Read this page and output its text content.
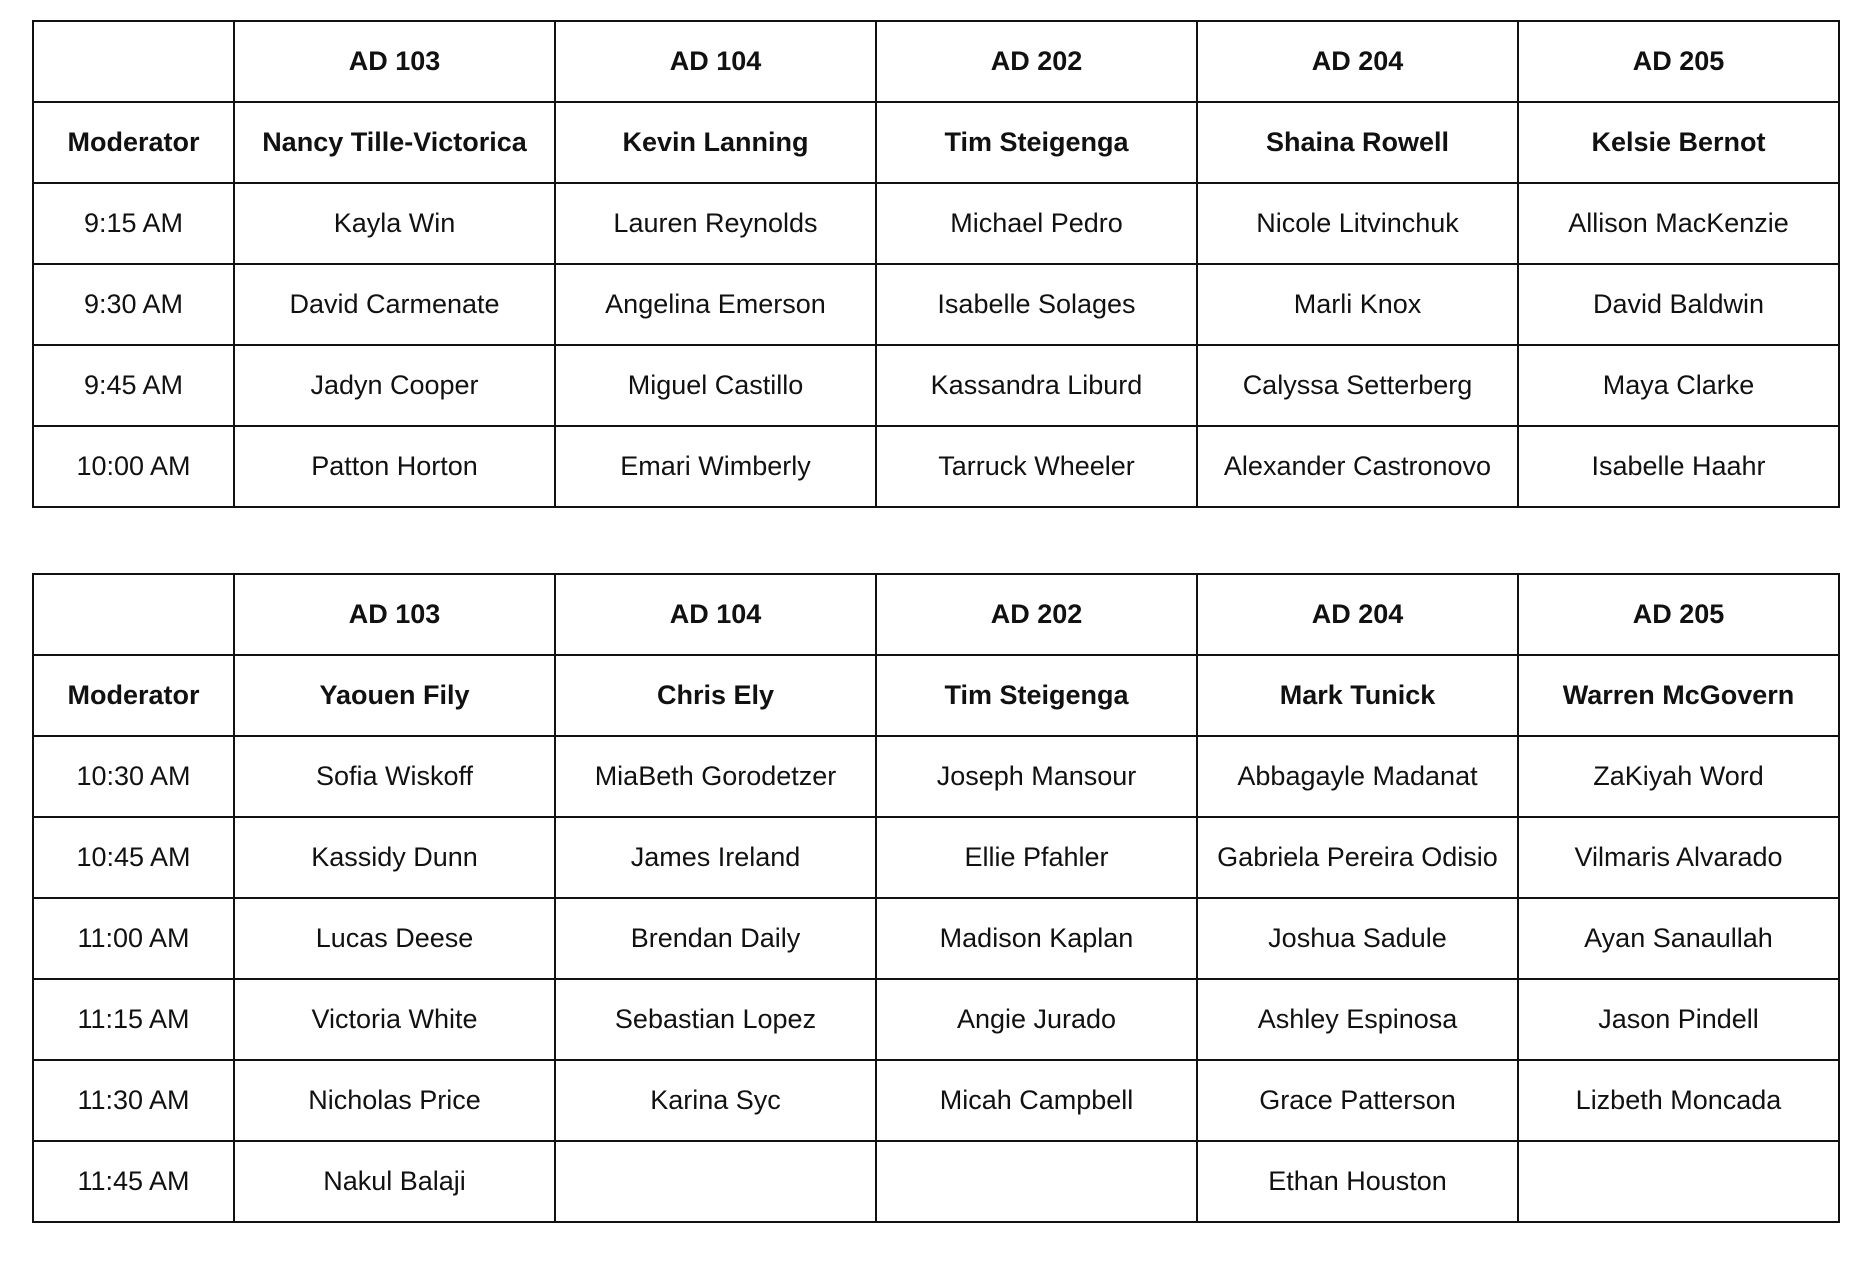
	AD 103	AD 104	AD 202	AD 204	AD 205
Moderator	Nancy Tille-Victorica	Kevin Lanning	Tim Steigenga	Shaina Rowell	Kelsie Bernot
9:15 AM	Kayla Win	Lauren Reynolds	Michael Pedro	Nicole Litvinchuk	Allison MacKenzie
9:30 AM	David Carmenate	Angelina Emerson	Isabelle Solages	Marli Knox	David Baldwin
9:45 AM	Jadyn Cooper	Miguel Castillo	Kassandra Liburd	Calyssa Setterberg	Maya Clarke
10:00 AM	Patton Horton	Emari Wimberly	Tarruck Wheeler	Alexander Castronovo	Isabelle Haahr
	AD 103	AD 104	AD 202	AD 204	AD 205
Moderator	Yaouen Fily	Chris Ely	Tim Steigenga	Mark Tunick	Warren McGovern
10:30 AM	Sofia Wiskoff	MiaBeth Gorodetzer	Joseph Mansour	Abbagayle Madanat	ZaKiyah Word
10:45 AM	Kassidy Dunn	James Ireland	Ellie Pfahler	Gabriela Pereira Odisio	Vilmaris Alvarado
11:00 AM	Lucas Deese	Brendan Daily	Madison Kaplan	Joshua Sadule	Ayan Sanaullah
11:15 AM	Victoria White	Sebastian Lopez	Angie Jurado	Ashley Espinosa	Jason Pindell
11:30 AM	Nicholas Price	Karina Syc	Micah Campbell	Grace Patterson	Lizbeth Moncada
11:45 AM	Nakul Balaji			Ethan Houston	
